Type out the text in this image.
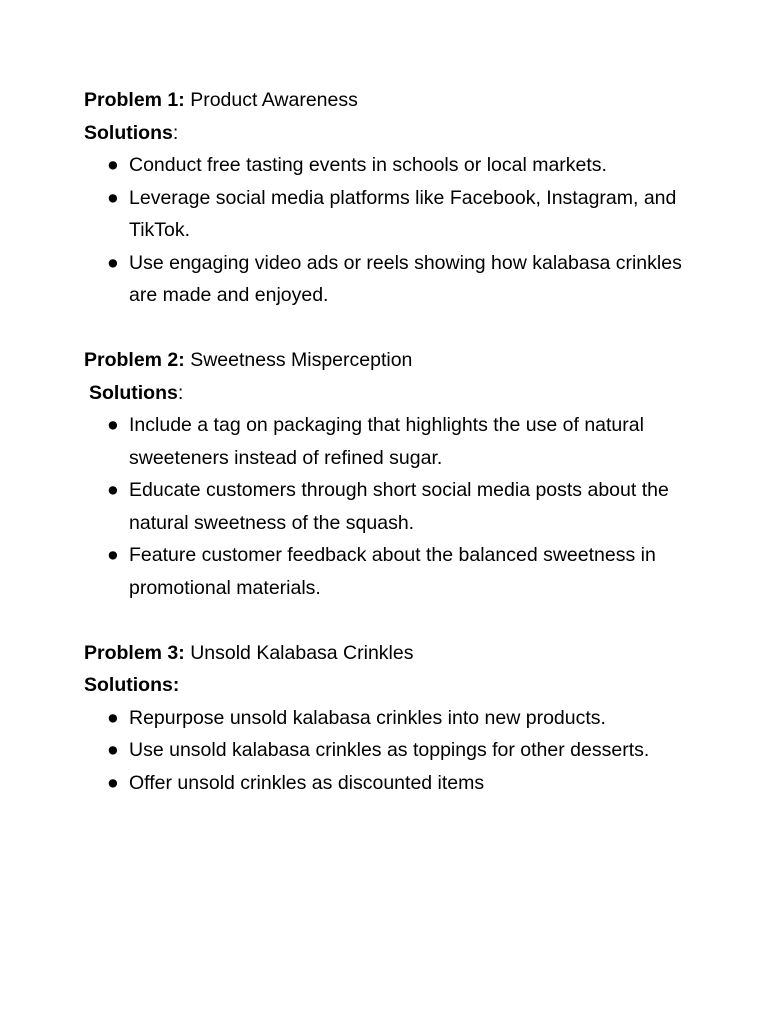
Problem 1: Product Awareness
Solutions:
● Conduct free tasting events in schools or local markets.
● Leverage social media platforms like Facebook, Instagram, and TikTok.
● Use engaging video ads or reels showing how kalabasa crinkles are made and enjoyed.
Problem 2: Sweetness Misperception
Solutions:
● Include a tag on packaging that highlights the use of natural sweeteners instead of refined sugar.
● Educate customers through short social media posts about the natural sweetness of the squash.
● Feature customer feedback about the balanced sweetness in promotional materials.
Problem 3: Unsold Kalabasa Crinkles
Solutions:
● Repurpose unsold kalabasa crinkles into new products.
● Use unsold kalabasa crinkles as toppings for other desserts.
● Offer unsold crinkles as discounted items
